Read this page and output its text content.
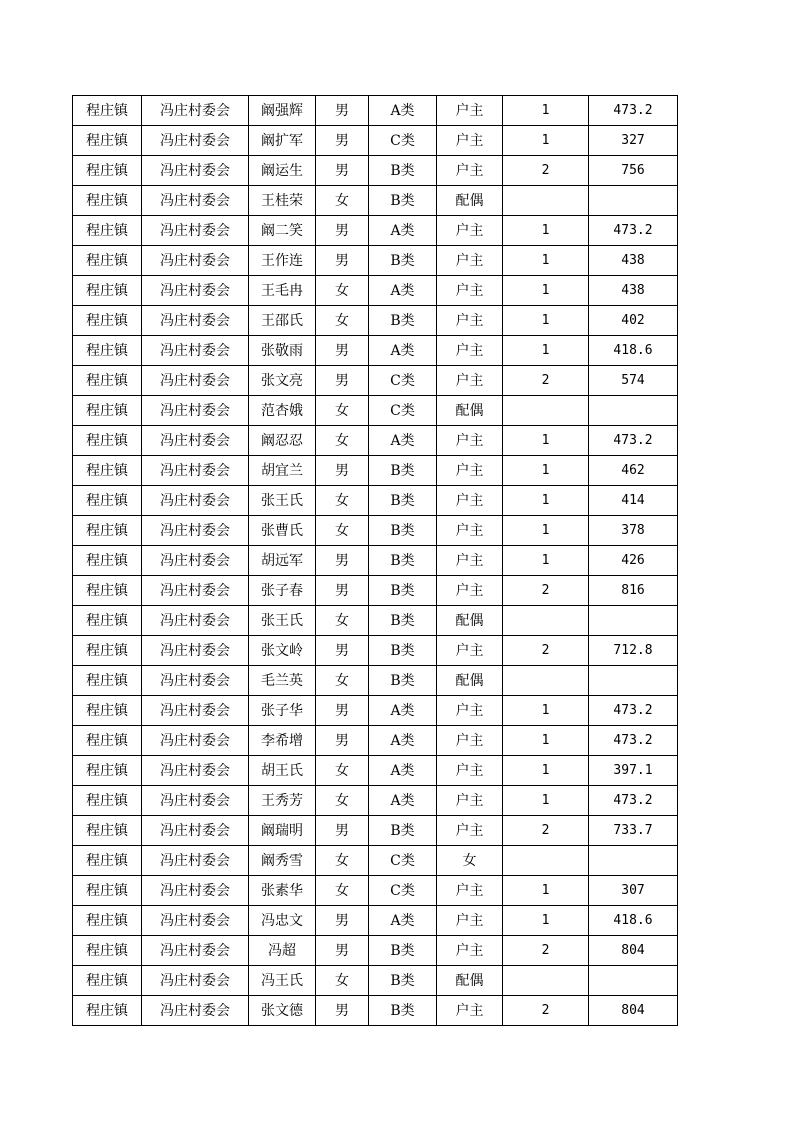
程庄镇	冯庄村委会	阚强辉	男	A类	户主	1	473.2
程庄镇	冯庄村委会	阚扩军	男	C类	户主	1	327
程庄镇	冯庄村委会	阚运生	男	B类	户主	2	756
程庄镇	冯庄村委会	王桂荣	女	B类	配偶		
程庄镇	冯庄村委会	阚二笑	男	A类	户主	1	473.2
程庄镇	冯庄村委会	王作连	男	B类	户主	1	438
程庄镇	冯庄村委会	王毛冉	女	A类	户主	1	438
程庄镇	冯庄村委会	王邵氏	女	B类	户主	1	402
程庄镇	冯庄村委会	张敬雨	男	A类	户主	1	418.6
程庄镇	冯庄村委会	张文亮	男	C类	户主	2	574
程庄镇	冯庄村委会	范杏娥	女	C类	配偶		
程庄镇	冯庄村委会	阚忍忍	女	A类	户主	1	473.2
程庄镇	冯庄村委会	胡宜兰	男	B类	户主	1	462
程庄镇	冯庄村委会	张王氏	女	B类	户主	1	414
程庄镇	冯庄村委会	张曹氏	女	B类	户主	1	378
程庄镇	冯庄村委会	胡远军	男	B类	户主	1	426
程庄镇	冯庄村委会	张子春	男	B类	户主	2	816
程庄镇	冯庄村委会	张王氏	女	B类	配偶		
程庄镇	冯庄村委会	张文岭	男	B类	户主	2	712.8
程庄镇	冯庄村委会	毛兰英	女	B类	配偶		
程庄镇	冯庄村委会	张子华	男	A类	户主	1	473.2
程庄镇	冯庄村委会	李希增	男	A类	户主	1	473.2
程庄镇	冯庄村委会	胡王氏	女	A类	户主	1	397.1
程庄镇	冯庄村委会	王秀芳	女	A类	户主	1	473.2
程庄镇	冯庄村委会	阚瑞明	男	B类	户主	2	733.7
程庄镇	冯庄村委会	阚秀雪	女	C类	女		
程庄镇	冯庄村委会	张素华	女	C类	户主	1	307
程庄镇	冯庄村委会	冯忠文	男	A类	户主	1	418.6
程庄镇	冯庄村委会	冯超	男	B类	户主	2	804
程庄镇	冯庄村委会	冯王氏	女	B类	配偶		
程庄镇	冯庄村委会	张文德	男	B类	户主	2	804
